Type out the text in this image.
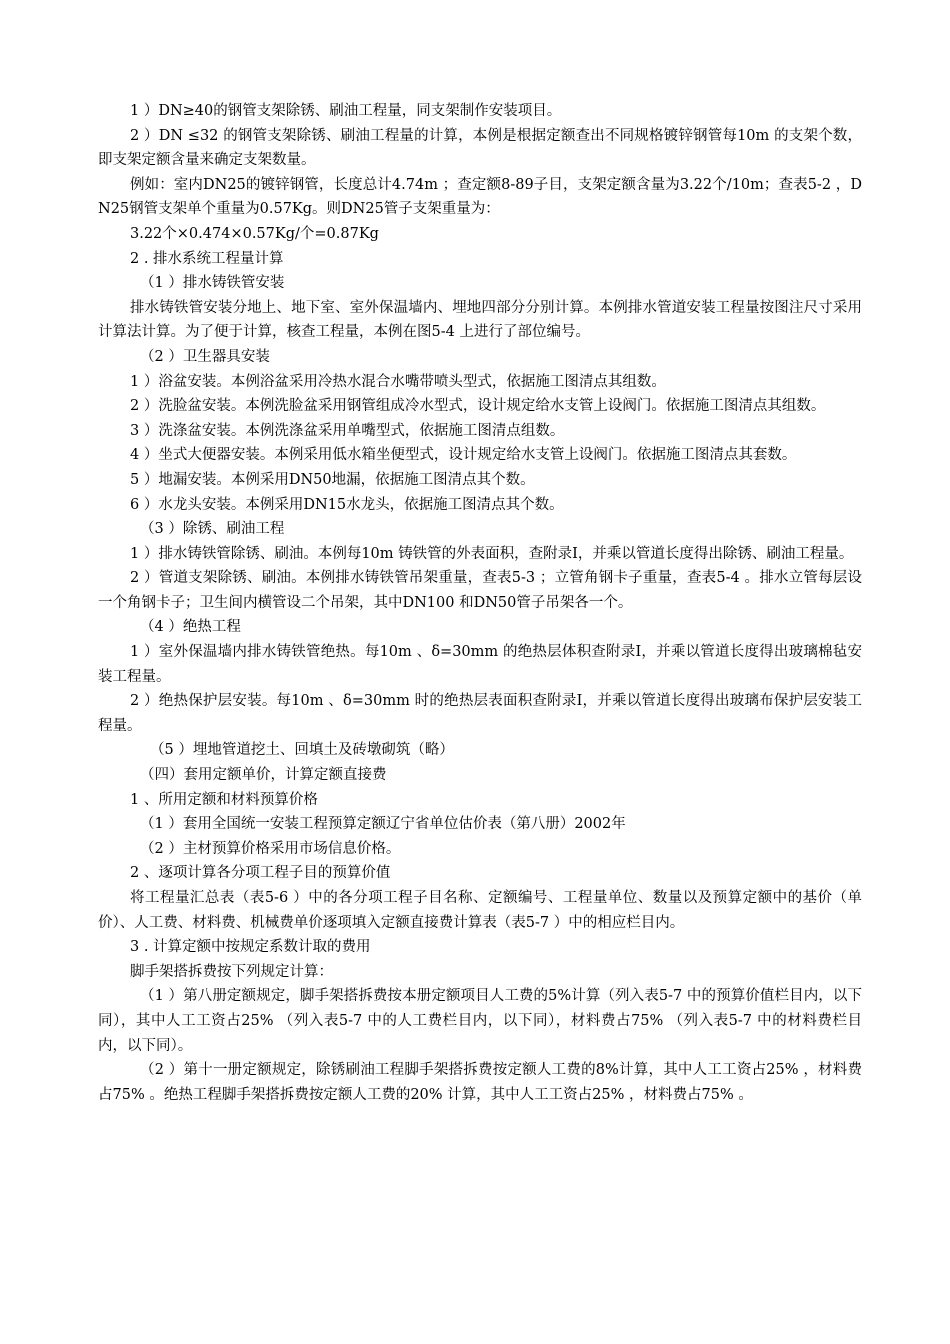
1 ）DN≥40的钢管支架除锈、刷油工程量，同支架制作安装项目。

2 ）DN ≤32 的钢管支架除锈、刷油工程量的计算，本例是根据定额查出不同规格镀锌钢管每10m 的支架个数，即支架定额含量来确定支架数量。

例如：室内DN25的镀锌钢管，长度总计4.74m ；查定额8-89子目，支架定额含量为3.22个/10m；查表5-2 ，DN25钢管支架单个重量为0.57Kg。则DN25管子支架重量为：

3.22个×0.474×0.57Kg/个=0.87Kg

2 . 排水系统工程量计算

（1 ）排水铸铁管安装

排水铸铁管安装分地上、地下室、室外保温墙内、埋地四部分分别计算。本例排水管道安装工程量按图注尺寸采用计算法计算。为了便于计算，核查工程量，本例在图5-4 上进行了部位编号。

（2 ）卫生器具安装

1 ）浴盆安装。本例浴盆采用冷热水混合水嘴带喷头型式，依据施工图清点其组数。

2 ）洗脸盆安装。本例洗脸盆采用钢管组成冷水型式，设计规定给水支管上设阀门。依据施工图清点其组数。

3 ）洗涤盆安装。本例洗涤盆采用单嘴型式，依据施工图清点组数。

4 ）坐式大便器安装。本例采用低水箱坐便型式，设计规定给水支管上设阀门。依据施工图清点其套数。

5 ）地漏安装。本例采用DN50地漏，依据施工图清点其个数。

6 ）水龙头安装。本例采用DN15水龙头，依据施工图清点其个数。

（3 ）除锈、刷油工程

1 ）排水铸铁管除锈、刷油。本例每10m 铸铁管的外表面积，查附录Ⅰ，并乘以管道长度得出除锈、刷油工程量。

2 ）管道支架除锈、刷油。本例排水铸铁管吊架重量，查表5-3 ；立管角钢卡子重量，查表5-4 。排水立管每层设一个角钢卡子；卫生间内横管设二个吊架，其中DN100 和DN50管子吊架各一个。

（4 ）绝热工程

1 ）室外保温墙内排水铸铁管绝热。每10m 、δ=30mm 的绝热层体积查附录Ⅰ，并乘以管道长度得出玻璃棉毡安装工程量。

2 ）绝热保护层安装。每10m 、δ=30mm 时的绝热层表面积查附录Ⅰ，并乘以管道长度得出玻璃布保护层安装工程量。

（5 ）埋地管道挖土、回填土及砖墩砌筑（略）

（四）套用定额单价，计算定额直接费

1 、所用定额和材料预算价格

（1 ）套用全国统一安装工程预算定额辽宁省单位估价表（第八册）2002年

（2 ）主材预算价格采用市场信息价格。

2 、逐项计算各分项工程子目的预算价值

将工程量汇总表（表5-6 ）中的各分项工程子目名称、定额编号、工程量单位、数量以及预算定额中的基价（单价）、人工费、材料费、机械费单价逐项填入定额直接费计算表（表5-7 ）中的相应栏目内。

3 . 计算定额中按规定系数计取的费用

脚手架搭拆费按下列规定计算：

（1 ）第八册定额规定，脚手架搭拆费按本册定额项目人工费的5%计算（列入表5-7 中的预算价值栏目内，以下同），其中人工工资占25% （列入表5-7 中的人工费栏目内，以下同），材料费占75% （列入表5-7 中的材料费栏目内，以下同）。

（2 ）第十一册定额规定，除锈刷油工程脚手架搭拆费按定额人工费的8%计算，其中人工工资占25% ，材料费占75% 。绝热工程脚手架搭拆费按定额人工费的20% 计算，其中人工工资占25% ，材料费占75% 。
